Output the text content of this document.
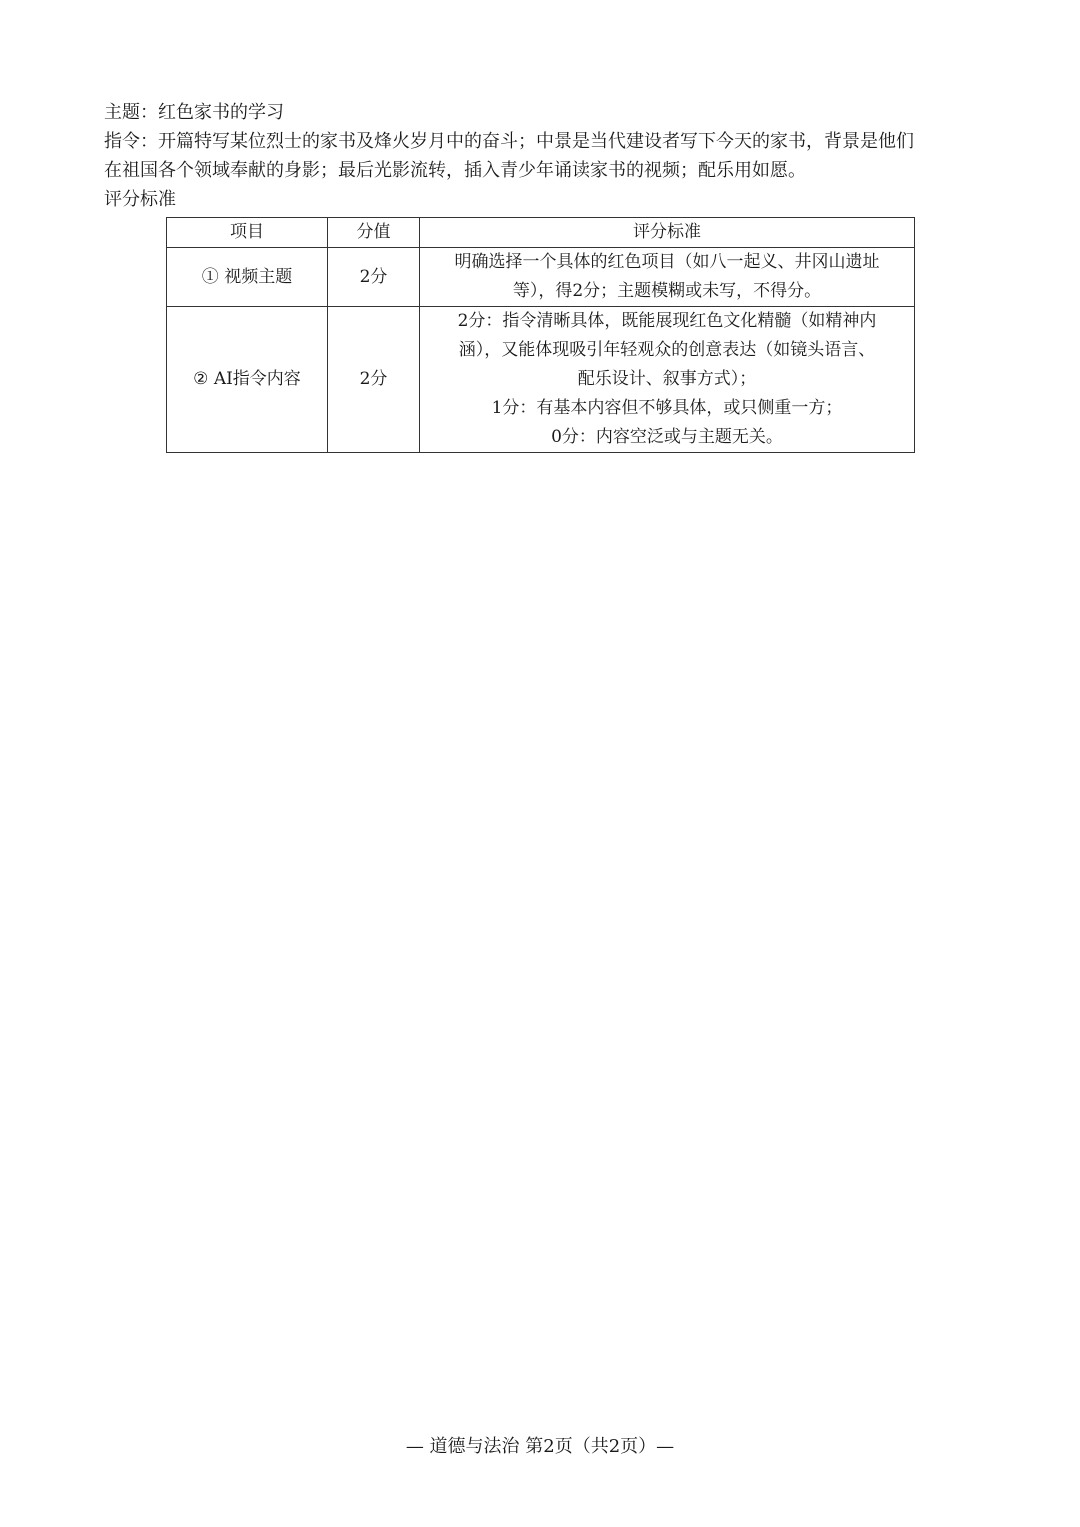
主题：红色家书的学习

指令：开篇特写某位烈士的家书及烽火岁月中的奋斗；中景是当代建设者写下今天的家书，背景是他们

在祖国各个领域奉献的身影；最后光影流转，插入青少年诵读家书的视频；配乐用如愿。

评分标准

项目	分值	评分标准
① 视频主题	2分	明确选择一个具体的红色项目（如八一起义、井冈山遗址
等），得2分；主题模糊或未写，不得分。

② AI指令内容	2分	2分：指令清晰具体，既能展现红色文化精髓（如精神内
涵），又能体现吸引年轻观众的创意表达（如镜头语言、
配乐设计、叙事方式）；
1分：有基本内容但不够具体，或只侧重一方；
0分：内容空泛或与主题无关。
— 道德与法治 第2页（共2页）—
